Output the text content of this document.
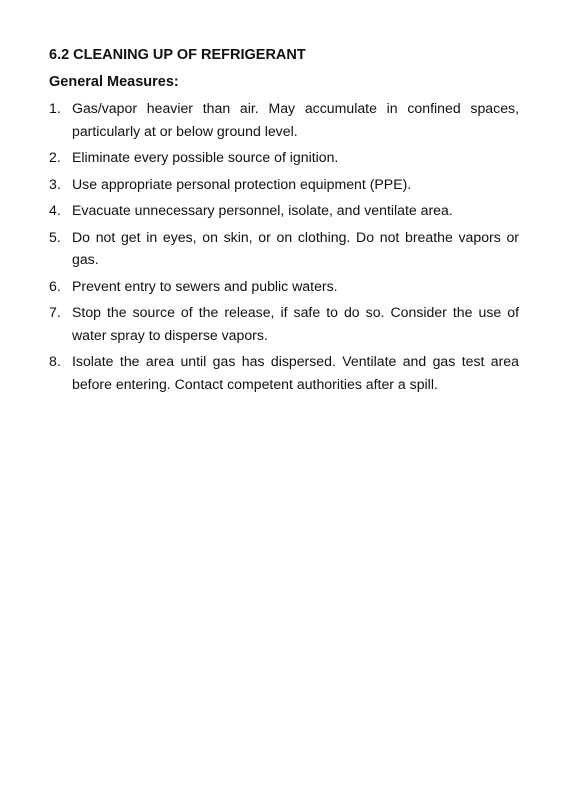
6.2 CLEANING UP OF REFRIGERANT
General Measures:
1. Gas/vapor heavier than air. May accumulate in confined spaces, particularly at or below ground level.
2. Eliminate every possible source of ignition.
3. Use appropriate personal protection equipment (PPE).
4. Evacuate unnecessary personnel, isolate, and ventilate area.
5. Do not get in eyes, on skin, or on clothing. Do not breathe vapors or gas.
6. Prevent entry to sewers and public waters.
7. Stop the source of the release, if safe to do so. Consider the use of water spray to disperse vapors.
8. Isolate the area until gas has dispersed. Ventilate and gas test area before entering. Contact competent authorities after a spill.
